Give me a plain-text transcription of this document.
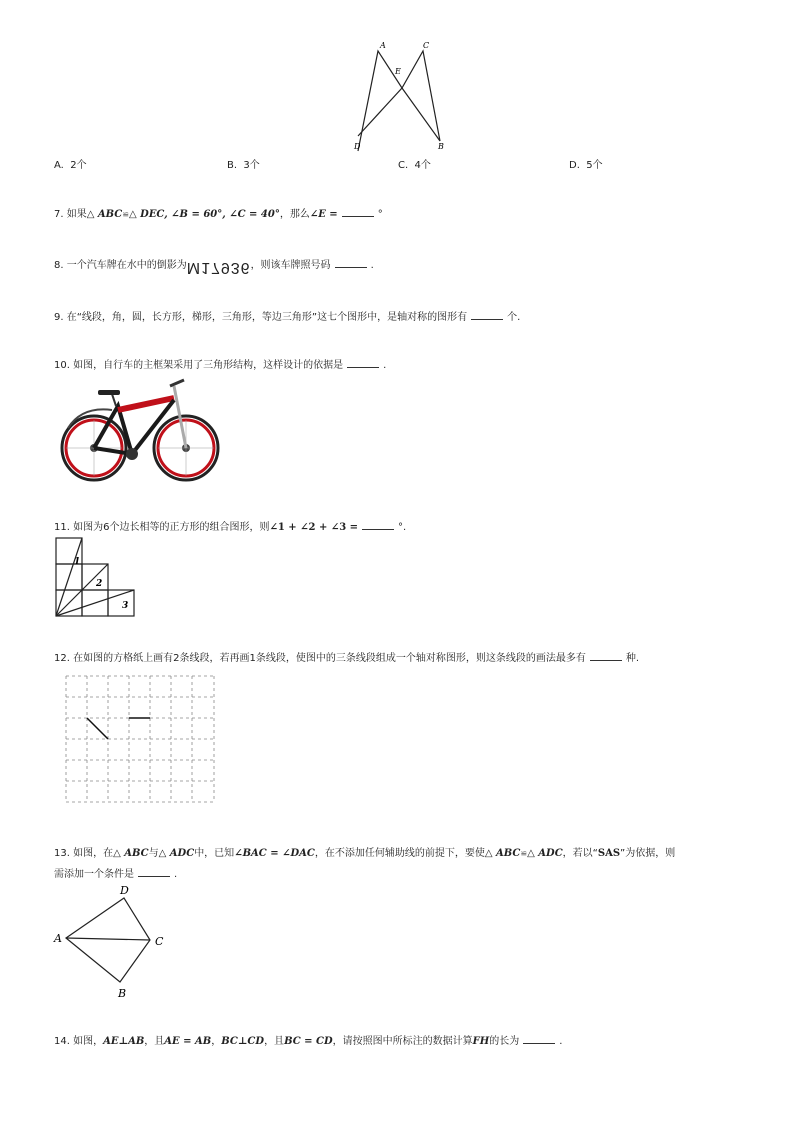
A	C
E
D	B
A. 2个	B. 3个	C. 4个	D. 5个
7. 如果△ ABC≌△ DEC, ∠B = 60°, ∠C = 40°，那么∠E =	°
8. 一个汽车牌在水中的倒影为M17936，则该车牌照号码	.
9. 在“线段，角，圆，长方形，梯形，三角形，等边三角形”这七个图形中，是轴对称的图形有	个.
10. 如图，自行车的主框架采用了三角形结构，这样设计的依据是	.
11. 如图为6个边长相等的正方形的组合图形，则∠1 + ∠2 + ∠3 =	°.
1
2
3
12. 在如图的方格纸上画有2条线段，若再画1条线段，使图中的三条线段组成一个轴对称图形，则这条线段的画法最多有	种.
13. 如图，在△ ABC与△ ADC中，已知∠BAC = ∠DAC，在不添加任何辅助线的前提下，要使△ ABC≌△ ADC，若以“SAS”为依据，则
需添加一个条件是	.
D
A	C
B
14. 如图，AE⊥AB，且AE = AB，BC⊥CD，且BC = CD，请按照图中所标注的数据计算FH的长为	.
